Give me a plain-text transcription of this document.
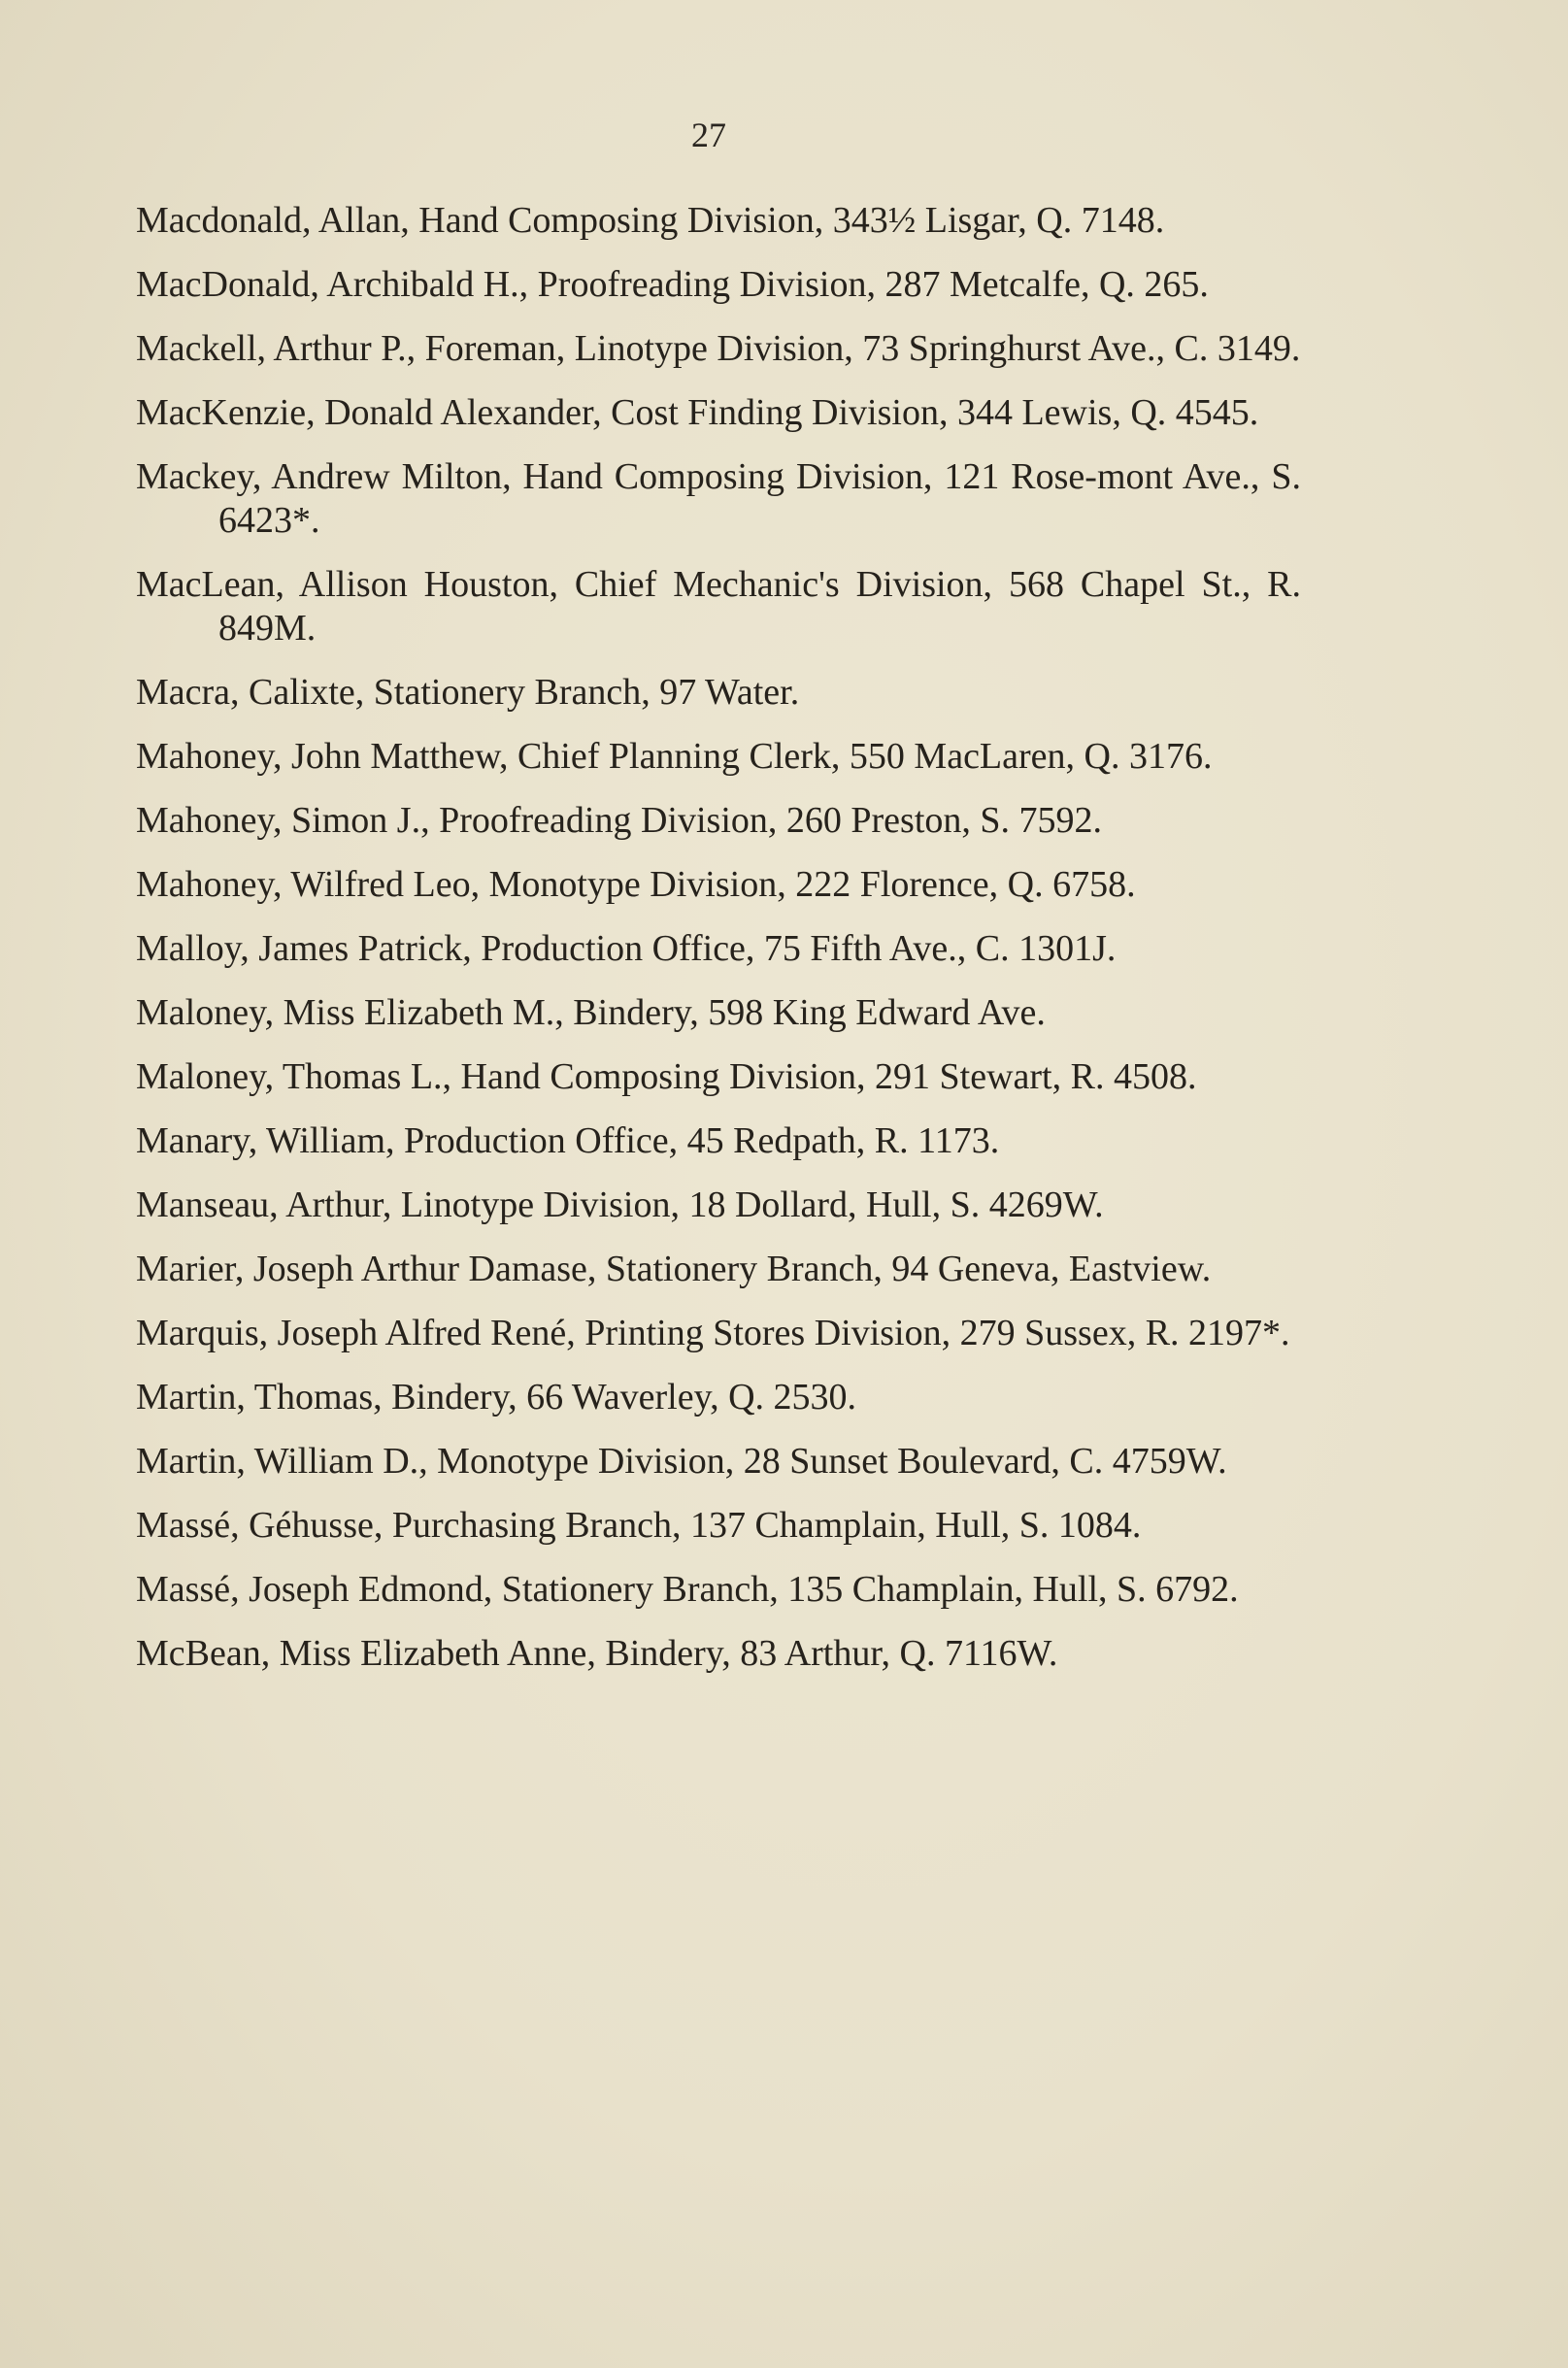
27

Macdonald, Allan, Hand Composing Division, 343½ Lisgar, Q. 7148.

MacDonald, Archibald H., Proofreading Division, 287 Metcalfe, Q. 265.

Mackell, Arthur P., Foreman, Linotype Division, 73 Springhurst Ave., C. 3149.

MacKenzie, Donald Alexander, Cost Finding Division, 344 Lewis, Q. 4545.

Mackey, Andrew Milton, Hand Composing Division, 121 Rose-mont Ave., S. 6423*.

MacLean, Allison Houston, Chief Mechanic's Division, 568 Chapel St., R. 849M.

Macra, Calixte, Stationery Branch, 97 Water.

Mahoney, John Matthew, Chief Planning Clerk, 550 MacLaren, Q. 3176.

Mahoney, Simon J., Proofreading Division, 260 Preston, S. 7592.

Mahoney, Wilfred Leo, Monotype Division, 222 Florence, Q. 6758.

Malloy, James Patrick, Production Office, 75 Fifth Ave., C. 1301J.

Maloney, Miss Elizabeth M., Bindery, 598 King Edward Ave.

Maloney, Thomas L., Hand Composing Division, 291 Stewart, R. 4508.

Manary, William, Production Office, 45 Redpath, R. 1173.

Manseau, Arthur, Linotype Division, 18 Dollard, Hull, S. 4269W.

Marier, Joseph Arthur Damase, Stationery Branch, 94 Geneva, Eastview.

Marquis, Joseph Alfred René, Printing Stores Division, 279 Sussex, R. 2197*.

Martin, Thomas, Bindery, 66 Waverley, Q. 2530.

Martin, William D., Monotype Division, 28 Sunset Boulevard, C. 4759W.

Massé, Géhusse, Purchasing Branch, 137 Champlain, Hull, S. 1084.

Massé, Joseph Edmond, Stationery Branch, 135 Champlain, Hull, S. 6792.

McBean, Miss Elizabeth Anne, Bindery, 83 Arthur, Q. 7116W.
